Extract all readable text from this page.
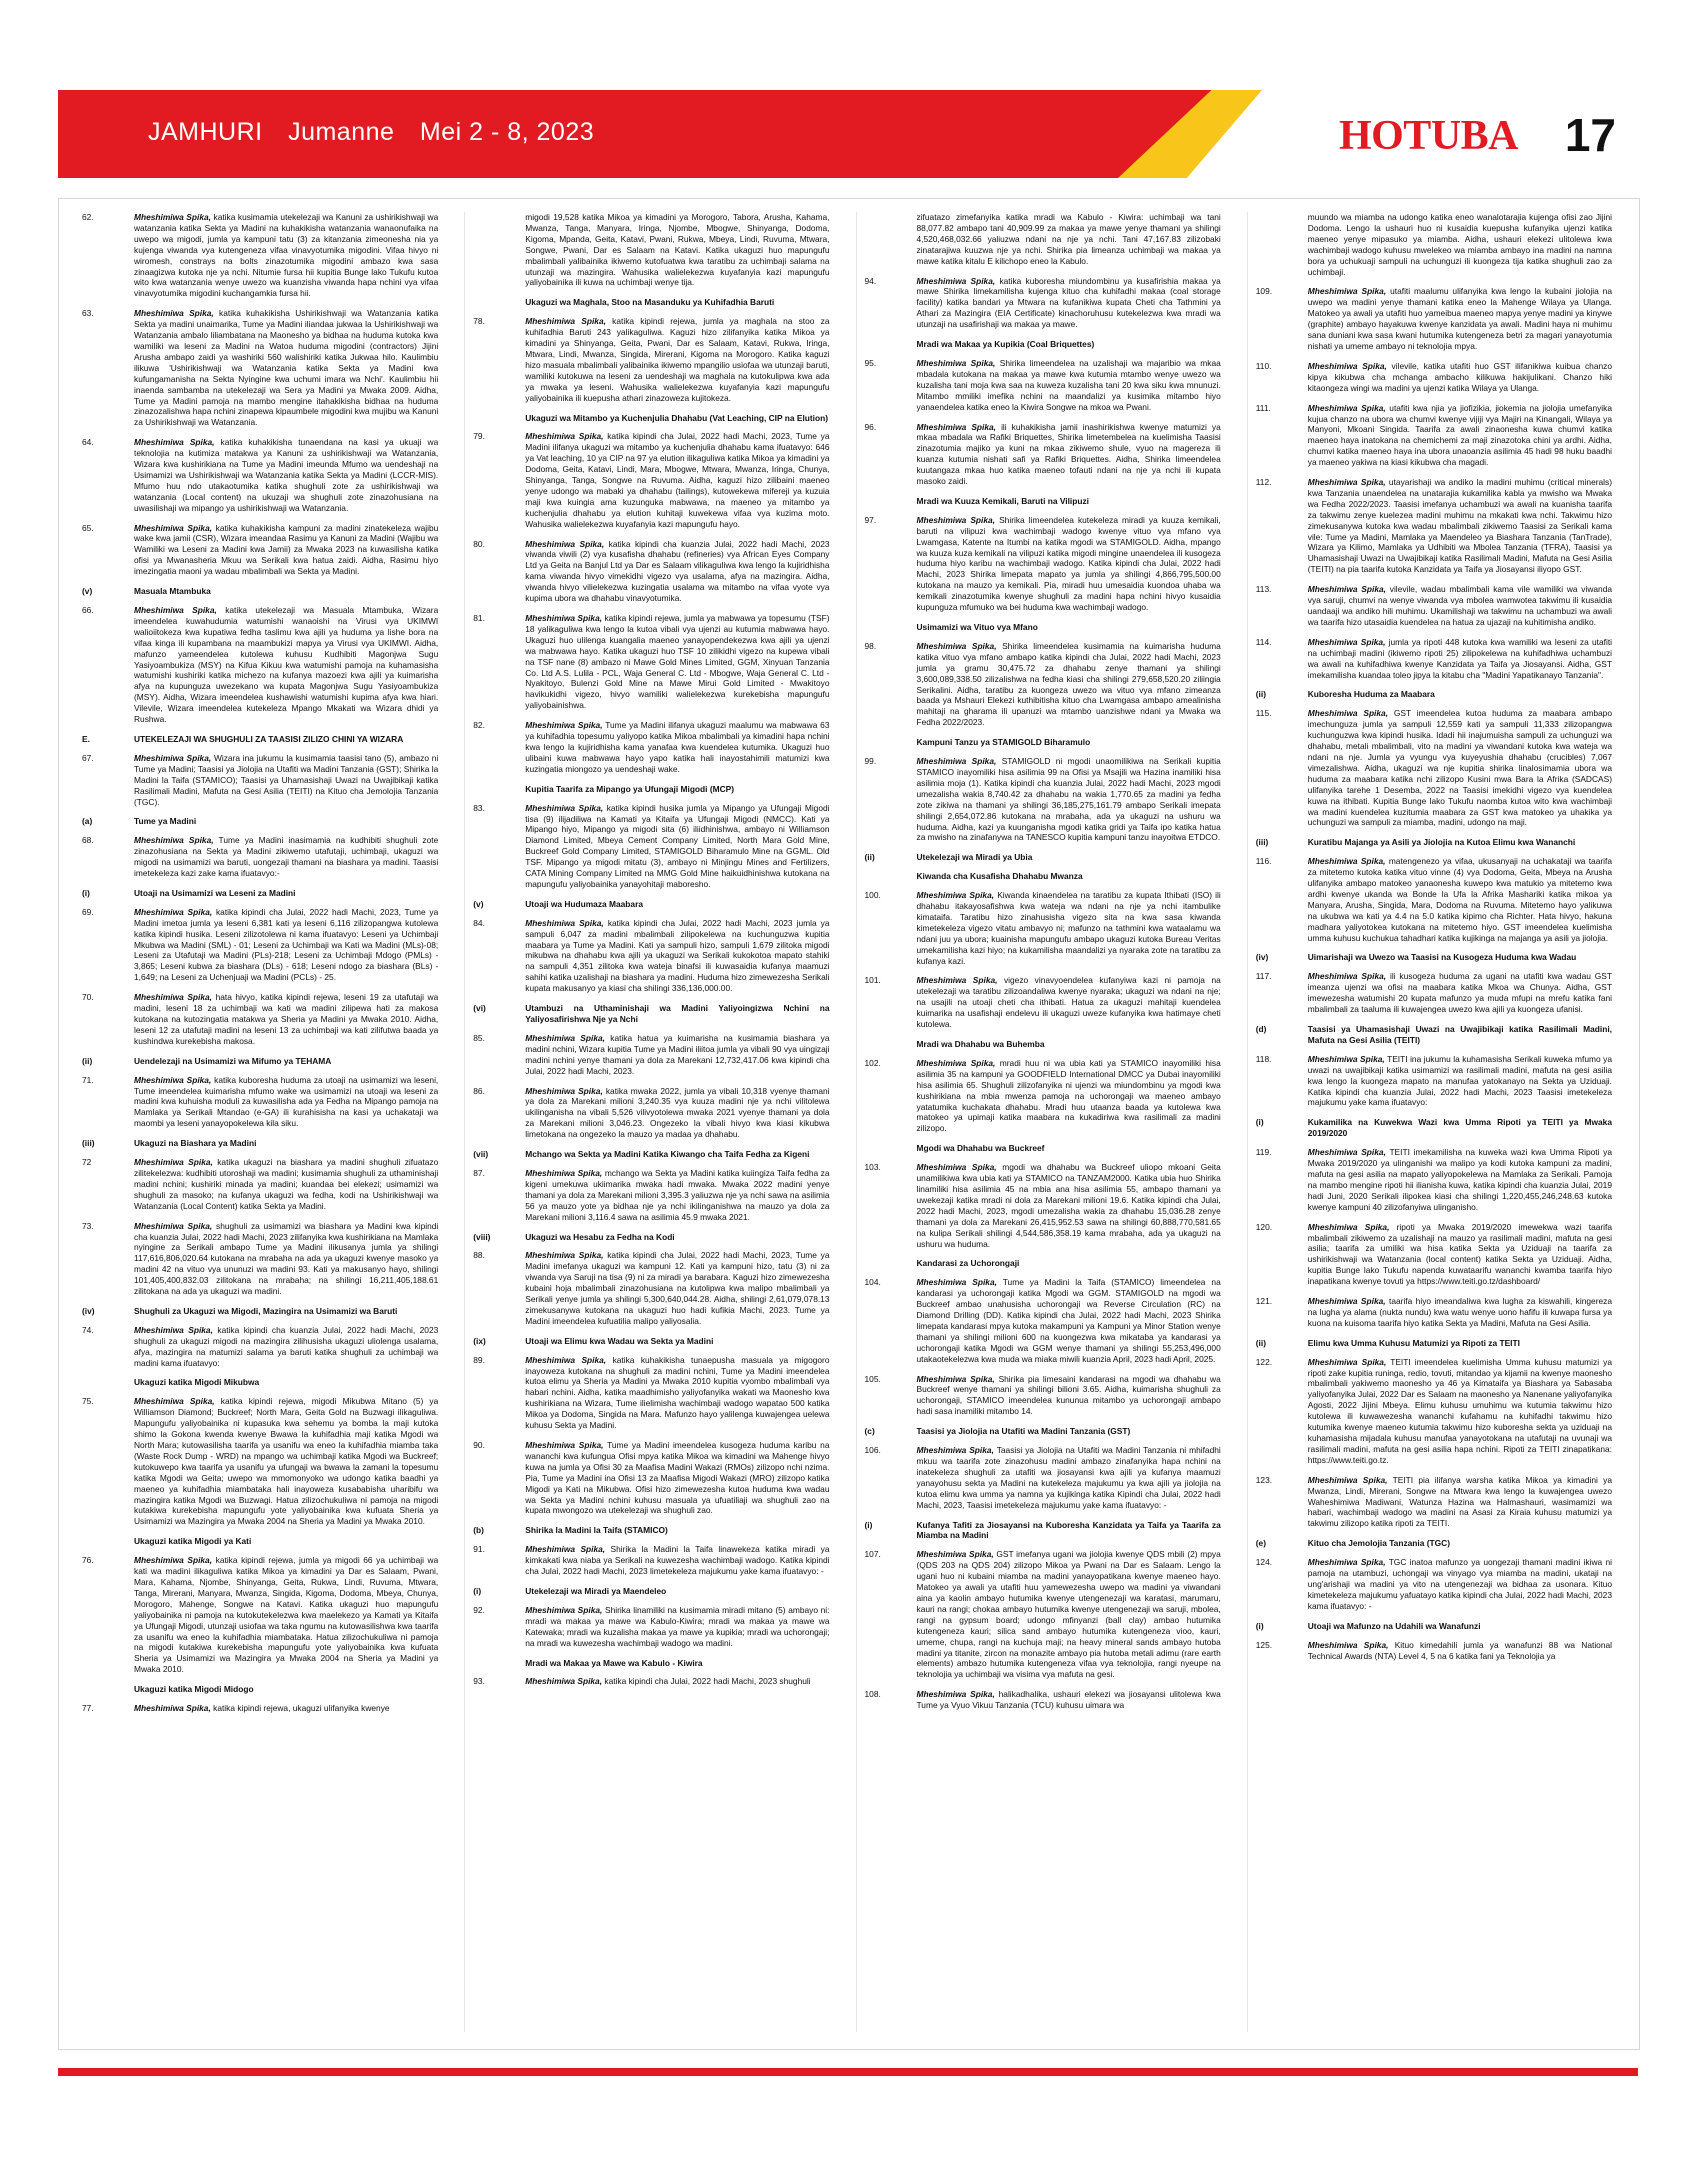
JAMHURI Jumanne Mei 2 - 8, 2023	HOTUBA 17
62.	Mheshimiwa Spika, katika kusimamia utekelezaji wa Kanuni za ushirikishwaji wa watanzania katika Sekta ya Madini na kuhakikisha watanzania wanaonufaika na uwepo wa migodi, jumla ya kampuni tatu (3) za kitanzania zimeonesha nia ya kujenga viwanda vya kutengeneza vifaa vinavyotumika migodini. Vifaa hivyo ni wiromesh, constrays na bolts zinazotumika migodini ambazo kwa sasa zinaagizwa kutoka nje ya nchi. Nitumie fursa hii kupitia Bunge lako Tukufu kutoa wito kwa watanzania wenye uwezo wa kuanzisha viwanda hapa nchini vya vifaa vinavyotumika migodini kuchangamkia fursa hii.
63.	Mheshimiwa Spika, katika kuhakikisha Ushirikishwaji wa Watanzania katika Sekta ya madini unaimarika, Tume ya Madini iliandaa jukwaa la Ushirikishwaji wa Watanzania ambalo liliambatana na Maonesho ya bidhaa na huduma kutoka kwa wamiliki wa leseni za Madini na Watoa huduma migodini (contractors) Jijini Arusha ambapo zaidi ya washiriki 560 walishiriki katika Jukwaa hilo. Kaulimbiu ilikuwa 'Ushirikishwaji wa Watanzania katika Sekta ya Madini kwa kufungamanisha na Sekta Nyingine kwa uchumi imara wa Nchi'. Kaulimbiu hii inaenda sambamba na utekelezaji wa Sera ya Madini ya Mwaka 2009. Aidha, Tume ya Madini pamoja na mambo mengine itahakikisha bidhaa na huduma zinazozalishwa hapa nchini zinapewa kipaumbele migodini kwa mujibu wa Kanuni za Ushirikishwaji wa Watanzania.
64.	Mheshimiwa Spika, katika kuhakikisha tunaendana na kasi ya ukuaji wa teknolojia na kutimiza matakwa ya Kanuni za ushirikishwaji wa Watanzania, Wizara kwa kushirikiana na Tume ya Madini imeunda Mfumo wa uendeshaji na Usimamizi wa Ushirikishwaji wa Watanzania katika Sekta ya Madini (LCCR-MIS). Mfumo huu ndo utakaotumika katika shughuli zote za ushirikishwaji wa watanzania (Local content) na ukuzaji wa shughuli zote zinazohusiana na uwasilishaji wa mipango ya ushirikishwaji wa Watanzania.
65.	Mheshimiwa Spika, katika kuhakikisha kampuni za madini zinatekeleza wajibu wake kwa jamii (CSR), Wizara imeandaa Rasimu ya Kanuni za Madini (Wajibu wa Wamiliki wa Leseni za Madini kwa Jamii) za Mwaka 2023 na kuwasilisha katika ofisi ya Mwanasheria Mkuu wa Serikali kwa hatua zaidi. Aidha, Rasimu hiyo imezingatia maoni ya wadau mbalimbali wa Sekta ya Madini.
(v)	Masuala Mtambuka
66.	Mheshimiwa Spika, katika utekelezaji wa Masuala Mtambuka, Wizara imeendelea kuwahudumia watumishi wanaoishi na Virusi vya UKIMWI walioiitokeza kwa kupatiwa fedha taslimu kwa ajili ya huduma ya lishe bora na vifaa kinga ili kupambana na maambukizi mapya ya Virusi vya UKIMWI. Aidha, mafunzo yameendelea kutolewa kuhusu Kudhibiti Magonjwa Sugu Yasiyoambukiza (MSY) na Kifua Kikuu kwa watumishi pamoja na kuhamasisha watumishi kushiriki katika michezo na kufanya mazoezi kwa ajili ya kuimarisha afya na kupunguza uwezekano wa kupata Magonjwa Sugu Yasiyoambukiza (MSY). Aidha, Wizara imeendelea kushawishi watumishi kupima afya kwa hiari. Vilevile, Wizara imeendelea kutekeleza Mpango Mkakati wa Wizara dhidi ya Rushwa.
E.	UTEKELEZAJI WA SHUGHULI ZA TAASISI ZILIZO CHINI YA WIZARA
67.	Mheshimiwa Spika, Wizara ina jukumu la kusimamia taasisi tano (5), ambazo ni Tume ya Madini; Taasisi ya Jiolojia na Utafiti wa Madini Tanzania (GST); Shirika la Madini la Taifa (STAMICO); Taasisi ya Uhamasishaji Uwazi na Uwajibikaji katika Rasilimali Madini, Mafuta na Gesi Asilia (TEITI) na Kituo cha Jemolojia Tanzania (TGC).
(a)	Tume ya Madini
68.	Mheshimiwa Spika, Tume ya Madini inasimamia na kudhibiti shughuli zote zinazohusiana na Sekta ya Madini zikiwemo utafutaji, uchimbaji, ukaguzi wa migodi na usimamizi wa baruti, uongezaji thamani na biashara ya madini. Taasisi imetekeleza kazi zake kama ifuatavyo:-
(i)	Utoaji na Usimamizi wa Leseni za Madini
69.	Mheshimiwa Spika, katika kipindi cha Julai, 2022 hadi Machi, 2023, Tume ya Madini imetoa jumla ya leseni 6,381 kati ya leseni 6,116 zilizopangwa kutolewa katika kipindi husika. Leseni zilizotolewa ni kama ifuatavyo: Leseni ya Uchimbaji Mkubwa wa Madini (SML) - 01; Leseni za Uchimbaji wa Kati wa Madini (MLs)-08; Leseni za Utafutaji wa Madini (PLs)-218; Leseni za Uchimbaji Mdogo (PMLs) - 3,865; Leseni kubwa za biashara (DLs) - 618; Leseni ndogo za biashara (BLs) - 1,649; na Leseni za Uchenjuaji wa Madini (PCLs) - 25.
70.	Mheshimiwa Spika, hata hivyo, katika kipindi rejewa, leseni 19 za utafutaji wa madini, leseni 18 za uchimbaji wa kati wa madini zilipewa hati za makosa kutokana na kutozingatia matakwa ya Sheria ya Madini ya Mwaka 2010. Aidha, leseni 12 za utafutaji madini na leseni 13 za uchimbaji wa kati zilifutwa baada ya kushindwa kurekebisha makosa.
(ii)	Uendelezaji na Usimamizi wa Mifumo ya TEHAMA
71.	Mheshimiwa Spika, katika kuboresha huduma za utoaji na usimamizi wa leseni, Tume imeendelea kuimarisha mfumo wake wa usimamizi na utoaji wa leseni za madini kwa kuhuisha moduli za kuwasilisha ada ya Fedha na Mipango pamoja na Mamlaka ya Serikali Mtandao (e-GA) ili kurahisisha na kasi ya uchakataji wa maombi ya leseni yanayopokelewa kila siku.
(iii)	Ukaguzi na Biashara ya Madini
72	Mheshimiwa Spika, katika ukaguzi na biashara ya madini shughuli zifuatazo zilitekelezwa: kudhibiti utoroshaji wa madini; kusimamia shughuli za uthaminishaji madini nchini; kushiriki minada ya madini; kuandaa bei elekezi; usimamizi wa shughuli za masoko; na kufanya ukaguzi wa fedha, kodi na Ushirikishwaji wa Watanzania (Local Content) katika Sekta ya Madini.
73.	Mheshimiwa Spika, shughuli za usimamizi wa biashara ya Madini kwa kipindi cha kuanzia Julai, 2022 hadi Machi, 2023 zilifanyika kwa kushirikiana na Mamlaka nyingine za Serikali ambapo Tume ya Madini ilikusanya jumla ya shilingi 117,616,806,020.64 kutokana na mrabaha na ada ya ukaguzi kwenye masoko ya madini 42 na vituo vya ununuzi wa madini 93. Kati ya makusanyo hayo, shilingi 101,405,400,832.03 zilitokana na mrabaha; na shilingi 16,211,405,188.61 zilitokana na ada ya ukaguzi wa madini.
(iv)	Shughuli za Ukaguzi wa Migodi, Mazingira na Usimamizi wa Baruti
74.	Mheshimiwa Spika, katika kipindi cha kuanzia Julai, 2022 hadi Machi, 2023 shughuli za ukaguzi migodi na mazingira zilihusisha ukaguzi uliolenga usalama, afya, mazingira na matumizi salama ya baruti katika shughuli za uchimbaji wa madini kama ifuatavyo:
Ukaguzi katika Migodi Mikubwa
75.	Mheshimiwa Spika, katika kipindi rejewa, migodi Mikubwa Mitano (5) ya Williamson Diamond; Buckreef; North Mara, Geita Gold na Buzwagi ilikaguliwa. Mapungufu yaliyobainika ni kupasuka kwa sehemu ya bomba la maji kutoka shimo la Gokona kwenda kwenye Bwawa la kuhifadhia maji katika Mgodi wa North Mara; kutowasilisha taarifa ya usanifu wa eneo la kuhifadhia miamba taka (Waste Rock Dump - WRD) na mpango wa uchimbaji katika Mgodi wa Buckreef; kutokuwepo kwa taarifa ya usanifu ya ufungaji wa bwawa la zamani la topesumu katika Mgodi wa Geita; uwepo wa mmomonyoko wa udongo katika baadhi ya maeneo ya kuhifadhia miambataka hali inayoweza kusababisha uharibifu wa mazingira katika Mgodi wa Buzwagi. Hatua zilizochukuliwa ni pamoja na migodi kutakiwa kurekebisha mapungufu yote yaliyobainika kwa kufuata Sheria ya Usimamizi wa Mazingira ya Mwaka 2004 na Sheria ya Madini ya Mwaka 2010.
Ukaguzi katika Migodi ya Kati
76.	Mheshimiwa Spika, katika kipindi rejewa, jumla ya migodi 66 ya uchimbaji wa kati wa madini ilikaguliwa katika Mikoa ya kimadini ya Dar es Salaam, Pwani, Mara, Kahama, Njombe, Shinyanga, Geita, Rukwa, Lindi, Ruvuma, Mtwara, Tanga, Mirerani, Manyara, Mwanza, Singida, Kigoma, Dodoma, Mbeya, Chunya, Morogoro, Mahenge, Songwe na Katavi. Katika ukaguzi huo mapungufu yaliyobainika ni pamoja na kutokutekelezwa kwa maelekezo ya Kamati ya Kitaifa ya Ufungaji Migodi, utunzaji usiofaa wa taka ngumu na kutowasilishwa kwa taarifa za usanifu wa eneo la kuhifadhia miambataka. Hatua zilizochukuliwa ni pamoja na migodi kutakiwa kurekebisha mapungufu yote yaliyobainika kwa kufuata Sheria ya Usimamizi wa Mazingira ya Mwaka 2004 na Sheria ya Madini ya Mwaka 2010.
Ukaguzi katika Migodi Midogo
77.	Mheshimiwa Spika, katika kipindi rejewa, ukaguzi ulifanyika kwenye
migodi 19,528 katika Mikoa ya kimadini ya Morogoro, Tabora, Arusha, Kahama, Mwanza, Tanga, Manyara, Iringa, Njombe, Mbogwe, Shinyanga, Dodoma, Kigoma, Mpanda, Geita, Katavi, Pwani, Rukwa, Mbeya, Lindi, Ruvuma, Mtwara, Songwe, Pwani, Dar es Salaam na Katavi. Katika ukaguzi huo mapungufu mbalimbali yalibainika ikiwemo kutofuatwa kwa taratibu za uchimbaji salama na utunzaji wa mazingira. Wahusika walielekezwa kuyafanyia kazi mapungufu yaliyobainika ili kuwa na uchimbaji wenye tija.
Ukaguzi wa Maghala, Stoo na Masanduku ya Kuhifadhia Baruti
78.	Mheshimiwa Spika, katika kipindi rejewa, jumla ya maghala na stoo za kuhifadhia Baruti 243 yalikaguliwa. Kaguzi hizo zilifanyika katika Mikoa ya kimadini ya Shinyanga, Geita, Pwani, Dar es Salaam, Katavi, Rukwa, Iringa, Mtwara, Lindi, Mwanza, Singida, Mirerani, Kigoma na Morogoro. Katika kaguzi hizo masuala mbalimbali yalibainika ikiwemo mpangilio usiofaa wa utunzaji baruti, wamiliki kutokuwa na leseni za uendeshaji wa maghala na kutokulipwa kwa ada ya mwaka ya leseni. Wahusika walielekezwa kuyafanyia kazi mapungufu yaliyobainika ili kuepusha athari zinazoweza kujitokeza.
Ukaguzi wa Mitambo ya Kuchenjulia Dhahabu (Vat Leaching, CIP na Elution)
79.	Mheshimiwa Spika, katika kipindi cha Julai, 2022 hadi Machi, 2023, Tume ya Madini ilifanya ukaguzi wa mitambo ya kuchenjulia dhahabu kama ifuatavyo: 646 ya Vat leaching, 10 ya CIP na 97 ya elution ilikaguliwa katika Mikoa ya kimadini ya Dodoma, Geita, Katavi, Lindi, Mara, Mbogwe, Mtwara, Mwanza, Iringa, Chunya, Shinyanga, Tanga, Songwe na Ruvuma. Aidha, kaguzi hizo zilibaini maeneo yenye udongo wa mabaki ya dhahabu (tailings), kutowekewa mifereji ya kuzuia maji kwa kuingia ama kuzunguka mabwawa, na maeneo ya mitambo ya kuchenjulia dhahabu ya elution kuhitaji kuwekewa vifaa vya kuzima moto. Wahusika walielekezwa kuyafanyia kazi mapungufu hayo.
80.	Mheshimiwa Spika, katika kipindi cha kuanzia Julai, 2022 hadi Machi, 2023 viwanda viwili (2) vya kusafisha dhahabu (refineries) vya African Eyes Company Ltd ya Geita na Banjul Ltd ya Dar es Salaam vilikaguliwa kwa lengo la kujiridhisha kama viwanda hivyo vimekidhi vigezo vya usalama, afya na mazingira. Aidha, viwanda hivyo vilielekezwa kuzingatia usalama wa mitambo na vifaa vyote vya kupima ubora wa dhahabu vinavyotumika.
81.	Mheshimiwa Spika, katika kipindi rejewa, jumla ya mabwawa ya topesumu (TSF) 18 yalikaguliwa kwa lengo la kutoa vibali vya ujenzi au kutumia mabwawa hayo. Ukaguzi huo ulilenga kuangalia maeneo yanayopendekezwa kwa ajili ya ujenzi wa mabwawa hayo. Katika ukaguzi huo TSF 10 zilikidhi vigezo na kupewa vibali na TSF nane (8) ambazo ni Mawe Gold Mines Limited, GGM, Xinyuan Tanzania Co. Ltd A.S. Lulila - PCL, Waja General C. Ltd - Mbogwe, Waja General C. Ltd - Nyakitoyo, Bulenzi Gold Mine na Mawe Mirui Gold Limited - Mwakitoyo havikukidhi vigezo, hivyo wamiliki walielekezwa kurekebisha mapungufu yaliyobainishwa.
82.	Mheshimiwa Spika, Tume ya Madini ilifanya ukaguzi maalumu wa mabwawa 63 ya kuhifadhia topesumu yaliyopo katika Mikoa mbalimbali ya kimadini hapa nchini kwa lengo la kujiridhisha kama yanafaa kwa kuendelea kutumika. Ukaguzi huo ulibaini kuwa mabwawa hayo yapo katika hali inayostahimili matumizi kwa kuzingatia miongozo ya uendeshaji wake.
Kupitia Taarifa za Mipango ya Ufungaji Migodi (MCP)
83.	Mheshimiwa Spika, katika kipindi husika jumla ya Mipango ya Ufungaji Migodi tisa (9) ilijadiliwa na Kamati ya Kitaifa ya Ufungaji Migodi (NMCC). Kati ya Mipango hiyo, Mipango ya migodi sita (6) iliidhinishwa, ambayo ni Williamson Diamond Limited, Mbeya Cement Company Limited, North Mara Gold Mine, Buckreef Gold Company Limited, STAMIGOLD Biharamulo Mine na GGML. Old TSF. Mipango ya migodi mitatu (3), ambayo ni Minjingu Mines and Fertilizers, CATA Mining Company Limited na MMG Gold Mine haikuidhinishwa kutokana na mapungufu yaliyobainika yanayohitaji maboresho.
(v)	Utoaji wa Hudumaza Maabara
84.	Mheshimiwa Spika, katika kipindi cha Julai, 2022 hadi Machi, 2023 jumla ya sampuli 6,047 za madini mbalimbali zilipokelewa na kuchunguzwa kupitia maabara ya Tume ya Madini. Kati ya sampuli hizo, sampuli 1,679 zilitoka migodi mikubwa na dhahabu kwa ajili ya ukaguzi wa Serikali kukokotoa mapato stahiki na sampuli 4,351 zilitoka kwa wateja binafsi ili kuwasaidia kufanya maamuzi sahihi katika uzalishaji na biashara ya madini. Huduma hizo zimewezesha Serikali kupata makusanyo ya kiasi cha shilingi 336,136,000.00.
(vi)	Utambuzi na Uthaminishaji wa Madini Yaliyoingizwa Nchini na Yaliyosafirishwa Nje ya Nchi
85.	Mheshimiwa Spika, katika hatua ya kuimarisha na kusimamia biashara ya madini nchini, Wizara kupitia Tume ya Madini iliitoa jumla ya vibali 90 vya uingizaji madini nchini yenye thamani ya dola za Marekani 12,732,417.06 kwa kipindi cha Julai, 2022 hadi Machi, 2023.
86.	Mheshimiwa Spika, katika mwaka 2022, jumla ya vibali 10,318 vyenye thamani ya dola za Marekani milioni 3,240.35 vya kuuza madini nje ya nchi vilitolewa ukilinganisha na vibali 5,526 vilivyotolewa mwaka 2021 vyenye thamani ya dola za Marekani milioni 3,046.23. Ongezeko la vibali hivyo kwa kiasi kikubwa limetokana na ongezeko la mauzo ya madaa ya dhahabu.
(vii)	Mchango wa Sekta ya Madini Katika Kiwango cha Taifa Fedha za Kigeni
87.	Mheshimiwa Spika, mchango wa Sekta ya Madini katika kuiingiza Taifa fedha za kigeni umekuwa ukiimarika mwaka hadi mwaka. Mwaka 2022 madini yenye thamani ya dola za Marekani milioni 3,395.3 yaliuzwa nje ya nchi sawa na asilimia 56 ya mauzo yote ya bidhaa nje ya nchi ikilinganishwa na mauzo ya dola za Marekani milioni 3,116.4 sawa na asilimia 45.9 mwaka 2021.
(viii)	Ukaguzi wa Hesabu za Fedha na Kodi
88.	Mheshimiwa Spika, katika kipindi cha Julai, 2022 hadi Machi, 2023, Tume ya Madini imefanya ukaguzi wa kampuni 12. Kati ya kampuni hizo, tatu (3) ni za viwanda vya Saruji na tisa (9) ni za miradi ya barabara. Kaguzi hizo zimewezesha kubaini hoja mbalimbali zinazohusiana na kutolipwa kwa malipo mbalimbali ya Serikali yenye jumla ya shilingi 5,300,640,044.28. Aidha, shilingi 2,61,079,078.13 zimekusanywa kutokana na ukaguzi huo hadi kufikia Machi, 2023. Tume ya Madini imeendelea kufuatilia malipo yaliyosalia.
(ix)	Utoaji wa Elimu kwa Wadau wa Sekta ya Madini
89.	Mheshimiwa Spika, katika kuhakikisha tunaepusha masuala ya migogoro inayoweza kutokana na shughuli za madini nchini, Tume ya Madini imeendelea kutoa elimu ya Sheria ya Madini ya Mwaka 2010 kupitia vyombo mbalimbali vya habari nchini. Aidha, katika maadhimisho yaliyofanyika wakati wa Maonesho kwa kushirikiana na Wizara, Tume ilielimisha wachimbaji wadogo wapatao 500 katika Mikoa ya Dodoma, Singida na Mara. Mafunzo hayo yalilenga kuwajengea uelewa kuhusu Sekta ya Madini.
90.	Mheshimiwa Spika, Tume ya Madini imeendelea kusogeza huduma karibu na wananchi kwa kufungua Ofisi mpya katika Mikoa wa kimadini wa Mahenge hivyo kuwa na jumla ya Ofisi 30 za Maafisa Madini Wakazi (RMOs) zilizopo nchi nzima. Pia, Tume ya Madini ina Ofisi 13 za Maafisa Migodi Wakazi (MRO) zilizopo katika Migodi ya Kati na Mikubwa. Ofisi hizo zimewezesha kutoa huduma kwa wadau wa Sekta ya Madini nchini kuhusu masuala ya ufuatiliaji wa shughuli zao na kupata mwongozo wa utekelezaji wa shughuli zao.
(b)	Shirika la Madini la Taifa (STAMICO)
91.	Mheshimiwa Spika, Shirika la Madini la Taifa linawekeza katika miradi ya kimkakati kwa niaba ya Serikali na kuwezesha wachimbaji wadogo. Katika kipindi cha Julai, 2022 hadi Machi, 2023 limetekeleza majukumu yake kama ifuatavyo: -
(i)	Utekelezaji wa Miradi ya Maendeleo
92.	Mheshimiwa Spika, Shirika linamiliki na kusimamia miradi mitano (5) ambayo ni: mradi wa makaa ya mawe wa Kabulo-Kiwira; mradi wa makaa ya mawe wa Katewaka; mradi wa kuzalisha makaa ya mawe ya kupikia; mradi wa uchorongaji; na mradi wa kuwezesha wachimbaji wadogo wa madini.
Mradi wa Makaa ya Mawe wa Kabulo - Kiwira
93.	Mheshimiwa Spika, katika kipindi cha Julai, 2022 hadi Machi, 2023 shughuli
zifuatazo zimefanyika katika mradi wa Kabulo - Kiwira: uchimbaji wa tani 88,077.82 ambapo tani 40,909.99 za makaa ya mawe yenye thamani ya shilingi 4,520,468,032.66 yaliuzwa ndani na nje ya nchi. Tani 47,167.83 zilizobaki zinatarajiwa kuuzwa nje ya nchi. Shirika pia limeanza uchimbaji wa makaa ya mawe katika kitalu E kilichopo eneo la Kabulo.
94.	Mheshimiwa Spika, katika kuboresha miundombinu ya kusafirishia makaa ya mawe Shirika limekamilisha kujenga kituo cha kuhifadhi makaa (coal storage facility) katika bandari ya Mtwara na kufanikiwa kupata Cheti cha Tathmini ya Athari za Mazingira (EIA Certificate) kinachoruhusu kutekelezwa kwa mradi wa utunzaji na usafirishaji wa makaa ya mawe.
Mradi wa Makaa ya Kupikia (Coal Briquettes)
95.	Mheshimiwa Spika, Shirika limeendelea na uzalishaji wa majaribio wa mkaa mbadala kutokana na makaa ya mawe kwa kutumia mtambo wenye uwezo wa kuzalisha tani moja kwa saa na kuweza kuzalisha tani 20 kwa siku kwa mnunuzi. Mitambo mmiliki imefika nchini na maandalizi ya kusimika mitambo hiyo yanaendelea katika eneo la Kiwira Songwe na mkoa wa Pwani.
96.	Mheshimiwa Spika, ili kuhakikisha jamii inashirikishwa kwenye matumizi ya mkaa mbadala wa Rafiki Briquettes, Shirika limetembelea na kuelimisha Taasisi zinazotumia majiko ya kuni na mkaa zikiwemo shule, vyuo na magereza ili kuanza kutumia nishati safi ya Rafiki Briquettes. Aidha, Shirika limeendelea kuutangaza mkaa huo katika maeneo tofauti ndani na nje ya nchi ili kupata masoko zaidi.
Mradi wa Kuuza Kemikali, Baruti na Vilipuzi
97.	Mheshimiwa Spika, Shirika limeendelea kutekeleza miradi ya kuuza kemikali, baruti na vilipuzi kwa wachimbaji wadogo kwenye vituo vya mfano vya Lwamgasa, Katente na Itumbi na katika mgodi wa STAMIGOLD. Aidha, mpango wa kuuza kuza kemikali na vilipuzi katika migodi mingine unaendelea ili kusogeza huduma hiyo karibu na wachimbaji wadogo. Katika kipindi cha Julai, 2022 hadi Machi, 2023 Shirika limepata mapato ya jumla ya shilingi 4,866,795,500.00 kutokana na mauzo ya kemikali. Pia, miradi huu umesaidia kuondoa uhaba wa kemikali zinazotumika kwenye shughuli za madini hapa nchini hivyo kusaidia kupunguza mfumuko wa bei huduma kwa wachimbaji wadogo.
Usimamizi wa Vituo vya Mfano
98.	Mheshimiwa Spika, Shirika limeendelea kusimamia na kuimarisha huduma katika vituo vya mfano ambapo katika kipindi cha Julai, 2022 hadi Machi, 2023 jumla ya gramu 30,475.72 za dhahabu zenye thamani ya shilingi 3,600,089,338.50 zilizalishwa na fedha kiasi cha shilingi 279,658,520.20 ziliingia Serikalini. Aidha, taratibu za kuongeza uwezo wa vituo vya mfano zimeanza baada ya Mshauri Elekezi kuthibitisha kituo cha Lwamgasa ambapo amealinisha mahitaji na gharama ili upanuzi wa mtambo uanzishwe ndani ya Mwaka wa Fedha 2022/2023.
Kampuni Tanzu ya STAMIGOLD Biharamulo
99.	Mheshimiwa Spika, STAMIGOLD ni mgodi unaomilikiwa na Serikali kupitia STAMICO inayomiliki hisa asilimia 99 na Ofisi ya Msajili wa Hazina inamiliki hisa asilimia moja (1). Katika kipindi cha kuanzia Julai, 2022 hadi Machi, 2023 mgodi umezalisha wakia 8,740.42 za dhahabu na wakia 1,770.65 za madini ya fedha zote zikiwa na thamani ya shilingi 36,185,275,161.79 ambapo Serikali imepata shilingi 2,654,072.86 kutokana na mrabaha, ada ya ukaguzi na ushuru wa huduma. Aidha, kazi ya kuunganisha mgodi katika gridi ya Taifa ipo katika hatua za mwisho na zinafanywa na TANESCO kupitia kampuni tanzu inayoitwa ETDCO.
(ii)	Utekelezaji wa Miradi ya Ubia
Kiwanda cha Kusafisha Dhahabu Mwanza
100.	Mheshimiwa Spika, Kiwanda kinaendelea na taratibu za kupata Ithibati (ISO) ili dhahabu itakayosafishwa kwa wateja wa ndani na nje ya nchi itambulike kimataifa. Taratibu hizo zinahusisha vigezo sita na kwa sasa kiwanda kimetekeleza vigezo vitatu ambavyo ni; mafunzo na tathmini kwa wataalamu wa ndani juu ya ubora; kuainisha mapungufu ambapo ukaguzi kutoka Bureau Veritas umekamilisha kazi hiyo; na kukamilisha maandalizi ya nyaraka zote na taratibu za kufanya kazi.
101.	Mheshimiwa Spika, vigezo vinavyoendelea kufanyiwa kazi ni pamoja na utekelezaji wa taratibu zilizoandaliwa kwenye nyaraka; ukaguzi wa ndani na nje; na usajili na utoaji cheti cha ithibati. Hatua za ukaguzi mahitaji kuendelea kuimarika na usafishaji endelevu ili ukaguzi uweze kufanyika kwa hatimaye cheti kutolewa.
Mradi wa Dhahabu wa Buhemba
102.	Mheshimiwa Spika, mradi huu ni wa ubia kati ya STAMICO inayomiliki hisa asilimia 35 na kampuni ya GOODFIELD International DMCC ya Dubai inayomiliki hisa asilimia 65. Shughuli zilizofanyika ni ujenzi wa miundombinu ya mgodi kwa kushirikiana na mbia mwenza pamoja na uchorongaji wa maeneo ambayo yatatumika kuchakata dhahabu. Mradi huu utaanza baada ya kutolewa kwa matokeo ya upimaji katika maabara na kukadiriwa kwa rasilimali za madini zilizopo.
Mgodi wa Dhahabu wa Buckreef
103.	Mheshimiwa Spika, mgodi wa dhahabu wa Buckreef uliopo mkoani Geita unamilikiwa kwa ubia kati ya STAMICO na TANZAM2000. Katika ubia huo Shirika linamiliki hisa asilimia 45 na mbia ana hisa asilimia 55, ambapo thamani ya uwekezaji katika mradi ni dola za Marekani milioni 19.6. Katika kipindi cha Julai, 2022 hadi Machi, 2023, mgodi umezalisha wakia za dhahabu 15,036.28 zenye thamani ya dola za Marekani 26,415,952.53 sawa na shilingi 60,888,770,581.65 na kulipa Serikali shilingi 4,544,586,358.19 kama mrabaha, ada ya ukaguzi na ushuru wa huduma.
Kandarasi za Uchorongaji
104.	Mheshimiwa Spika, Tume ya Madini la Taifa (STAMICO) limeendelea na kandarasi ya uchorongaji katika Mgodi wa GGM. STAMIGOLD na mgodi wa Buckreef ambao unahusisha uchorongaji wa Reverse Circulation (RC) na Diamond Drilling (DD). Katika kipindi cha Julai, 2022 hadi Machi, 2023 Shirika limepata kandarasi mpya kutoka makampuni ya Kampuni ya Minor Station wenye thamani ya shilingi milioni 600 na kuongezwa kwa mikataba ya kandarasi ya uchorongaji katika Mgodi wa GGM wenye thamani ya shilingi 55,253,496,000 utakaotekelezwa kwa muda wa miaka miwili kuanzia April, 2023 hadi April, 2025.
105.	Mheshimiwa Spika, Shirika pia limesaini kandarasi na mgodi wa dhahabu wa Buckreef wenye thamani ya shilingi bilioni 3.65. Aidha, kuimarisha shughuli za uchorongaji, STAMICO imeendelea kununua mitambo ya uchorongaji ambapo hadi sasa inamiliki mitambo 14.
(c)	Taasisi ya Jiolojia na Utafiti wa Madini Tanzania (GST)
106.	Mheshimiwa Spika, Taasisi ya Jiolojia na Utafiti wa Madini Tanzania ni mhifadhi mkuu wa taarifa zote zinazohusu madini ambazo zinafanyika hapa nchini na inatekeleza shughuli za utafiti wa jiosayansi kwa ajili ya kufanya maamuzi yanayohusu sekta ya Madini na kutekeleza majukumu ya kwa ajili ya jiolojia na kutoa elimu kwa umma ya namna ya kujikinga katika Kipindi cha Julai, 2022 hadi Machi, 2023, Taasisi imetekeleza majukumu yake kama ifuatavyo: -
(i)	Kufanya Tafiti za Jiosayansi na Kuboresha Kanzidata ya Taifa ya Taarifa za Miamba na Madini
107.	Mheshimiwa Spika, GST imefanya ugani wa jiolojia kwenye QDS mbili (2) mpya (QDS 203 na QDS 204) zilizopo Mikoa ya Pwani na Dar es Salaam. Lengo la ugani huo ni kubaini miamba na madini yanayopatikana kwenye maeneo hayo. Matokeo ya awali ya utafiti huu yamewezesha uwepo wa madini ya viwandani aina ya kaolin ambayo hutumika kwenye utengenezaji wa karatasi, marumaru, kauri na rangi; chokaa ambayo hutumika kwenye utengenezaji wa saruji, mbolea, rangi na gypsum board; udongo mfinyanzi (ball clay) ambao hutumika kutengeneza kauri; silica sand ambayo hutumika kutengeneza vioo, kauri, umeme, chupa, rangi na kuchuja maji; na heavy mineral sands ambayo hutoba madini ya titanite, zircon na monazite ambayo pia hutoba metali adimu (rare earth elements) ambazo hutumika kutengeneza vifaa vya teknolojia, rangi nyeupe na teknolojia ya uchimbaji wa visima vya mafuta na gesi.
108.	Mheshimiwa Spika, halikadhalika, ushauri elekezi wa jiosayansi ulitolewa kwa Tume ya Vyuo Vikuu Tanzania (TCU) kuhusu uimara wa
muundo wa miamba na udongo katika eneo wanalotarajia kujenga ofisi zao Jijini Dodoma. Lengo la ushauri huo ni kusaidia kuepusha kufanyika ujenzi katika maeneo yenye mipasuko ya miamba. Aidha, ushauri elekezi ulitolewa kwa wachimbaji wadogo kuhusu mwelekeo wa miamba ambayo ina madini na namna bora ya uchukuaji sampuli na uchunguzi ili kuongeza tija katika shughuli zao za uchimbaji.
109.	Mheshimiwa Spika, utafiti maalumu ulifanyika kwa lengo la kubaini jiolojia na uwepo wa madini yenye thamani katika eneo la Mahenge Wilaya ya Ulanga. Matokeo ya awali ya utafiti huo yameibua maeneo mapya yenye madini ya kinywe (graphite) ambayo hayakuwa kwenye kanzidata ya awali. Madini haya ni muhimu sana duniani kwa sasa kwani hutumika kutengeneza betri za magari yanayotumia nishati ya umeme ambayo ni teknolojia mpya.
110.	Mheshimiwa Spika, vilevile, katika utafiti huo GST ilifanikiwa kuibua chanzo kipya kikubwa cha mchanga ambacho kilikuwa hakijulikani. Chanzo hiki kitaongeza wingi wa madini ya ujenzi katika Wilaya ya Ulanga.
111.	Mheshimiwa Spika, utafiti kwa njia ya jiofizikia, jiokemia na jiolojia umefanyika kujua chanzo na ubora wa chumvi kwenye vijiji vya Majiri na Kinangali, Wilaya ya Manyoni, Mkoani Singida. Taarifa za awali zinaonesha kuwa chumvi katika maeneo haya inatokana na chemichemi za maji zinazotoka chini ya ardhi. Aidha, chumvi katika maeneo haya ina ubora unaoanzia asilimia 45 hadi 98 huku baadhi ya maeneo yakiwa na kiasi kikubwa cha magadi.
112.	Mheshimiwa Spika, utayarishaji wa andiko la madini muhimu (critical minerals) kwa Tanzania unaendelea na unatarajia kukamilika kabla ya mwisho wa Mwaka wa Fedha 2022/2023. Taasisi imefanya uchambuzi wa awali na kuanisha taarifa za takwimu zenye kuelezea madini muhimu na mkakati kwa nchi. Takwimu hizo zimekusanywa kutoka kwa wadau mbalimbali zikiwemo Taasisi za Serikali kama vile: Tume ya Madini, Mamlaka ya Maendeleo ya Biashara Tanzania (TanTrade), Wizara ya Kilimo, Mamlaka ya Udhibiti wa Mbolea Tanzania (TFRA), Taasisi ya Uhamasishaji Uwazi na Uwajibikaji katika Rasilimali Madini, Mafuta na Gesi Asilia (TEITI) na pia taarifa kutoka Kanzidata ya Taifa ya Jiosayansi iliyopo GST.
113.	Mheshimiwa Spika, vilevile, wadau mbalimbali kama vile wamiliki wa viwanda vya saruji, chumvi na wenye viwanda vya mbolea wamwotea takwimu ili kusaidia uandaaji wa andiko hili muhimu. Ukamilishaji wa takwimu na uchambuzi wa awali wa taarifa hizo utasaidia kuendelea na hatua za ujazaji na kuhitimisha andiko.
114.	Mheshimiwa Spika, jumla ya ripoti 448 kutoka kwa wamiliki wa leseni za utafiti na uchimbaji madini (ikiwemo ripoti 25) zilipokelewa na kuhifadhiwa uchambuzi wa awali na kuhifadhiwa kwenye Kanzidata ya Taifa ya Jiosayansi. Aidha, GST imekamilisha kuandaa toleo jipya la kitabu cha "Madini Yapatikanayo Tanzania".
(ii)	Kuboresha Huduma za Maabara
115.	Mheshimiwa Spika, GST imeendelea kutoa huduma za maabara ambapo imechunguza jumla ya sampuli 12,559 kati ya sampuli 11,333 zilizopangwa kuchunguzwa kwa kipindi husika. Idadi hii inajumuisha sampuli za uchunguzi wa dhahabu, metali mbalimbali, vito na madini ya viwandani kutoka kwa wateja wa ndani na nje. Jumla ya vyungu vya kuyeyushia dhahabu (crucibles) 7,067 vimezalishwa. Aidha, ukaguzi wa nje kupitia shirika linalosimamia ubora wa huduma za maabara katika nchi zilizopo Kusini mwa Bara la Afrika (SADCAS) ulifanyika tarehe 1 Desemba, 2022 na Taasisi imekidhi vigezo vya kuendelea kuwa na ithibati. Kupitia Bunge lako Tukufu naomba kutoa wito kwa wachimbaji wa madini kuendelea kuzitumia maabara za GST kwa matokeo ya uhakika ya uchunguzi wa sampuli za miamba, madini, udongo na maji.
(iii)	Kuratibu Majanga ya Asili ya Jiolojia na Kutoa Elimu kwa Wananchi
116.	Mheshimiwa Spika, matengenezo ya vifaa, ukusanyaji na uchakataji wa taarifa za mitetemo kutoka katika vituo vinne (4) vya Dodoma, Geita, Mbeya na Arusha ulifanyika ambapo matokeo yanaonesha kuwepo kwa matukio ya mitetemo kwa ardhi kwenye ukanda wa Bonde la Ufa la Afrika Mashariki katika mikoa ya Manyara, Arusha, Singida, Mara, Dodoma na Ruvuma. Mitetemo hayo yalikuwa na ukubwa wa kati ya 4.4 na 5.0 katika kipimo cha Richter. Hata hivyo, hakuna madhara yaliyotokea kutokana na mitetemo hiyo. GST imeendelea kuelimisha umma kuhusu kuchukua tahadhari katika kujikinga na majanga ya asili ya jiolojia.
(iv)	Uimarishaji wa Uwezo wa Taasisi na Kusogeza Huduma kwa Wadau
117.	Mheshimiwa Spika, ili kusogeza huduma za ugani na utafiti kwa wadau GST imeanza ujenzi wa ofisi na maabara katika Mkoa wa Chunya. Aidha, GST imewezesha watumishi 20 kupata mafunzo ya muda mfupi na mrefu katika fani mbalimbali za taaluma ili kuwajengea uwezo kwa ajili ya kuongeza ufanisi.
(d)	Taasisi ya Uhamasishaji Uwazi na Uwajibikaji katika Rasilimali Madini, Mafuta na Gesi Asilia (TEITI)
118.	Mheshimiwa Spika, TEITI ina jukumu la kuhamasisha Serikali kuweka mfumo ya uwazi na uwajibikaji katika usimamizi wa rasilimali madini, mafuta na gesi asilia kwa lengo la kuongeza mapato na manufaa yatokanayo na Sekta ya Uziduaji. Katika kipindi cha kuanzia Julai, 2022 hadi Machi, 2023 Taasisi imetekeleza majukumu yake kama ifuatavyo:
(i)	Kukamilika na Kuwekwa Wazi kwa Umma Ripoti ya TEITI ya Mwaka 2019/2020
119.	Mheshimiwa Spika, TEITI imekamilisha na kuweka wazi kwa Umma Ripoti ya Mwaka 2019/2020 ya ulinganishi wa malipo ya kodi kutoka kampuni za madini, mafuta na gesi asilia na mapato yaliyopokelewa na Mamlaka za Serikali. Pamoja na mambo mengine ripoti hii ilianisha kuwa, katika kipindi cha kuanzia Julai, 2019 hadi Juni, 2020 Serikali ilipokea kiasi cha shilingi 1,220,455,246,248.63 kutoka kwenye kampuni 40 zilizofanyiwa ulinganisho.
120.	Mheshimiwa Spika, ripoti ya Mwaka 2019/2020 imewekwa wazi taarifa mbalimbali zikiwemo za uzalishaji na mauzo ya rasilimali madini, mafuta na gesi asilia; taarifa za umiliki wa hisa katika Sekta ya Uziduaji na taarifa za ushirikishwaji wa Watanzania (local content) katika Sekta ya Uziduaji. Aidha, kupitia Bunge lako Tukufu napenda kuwataarifu wananchi kwamba taarifa hiyo inapatikana kwenye tovuti ya https://www.teiti.go.tz/dashboard/
121.	Mheshimiwa Spika, taarifa hiyo imeandaliwa kwa lugha za kiswahili, kingereza na lugha ya alama (nukta nundu) kwa watu wenye uono hafifu ili kuwapa fursa ya kuona na kuisoma taarifa hiyo katika Sekta ya Madini, Mafuta na Gesi Asilia.
(ii)	Elimu kwa Umma Kuhusu Matumizi ya Ripoti za TEITI
122.	Mheshimiwa Spika, TEITI imeendelea kuelimisha Umma kuhusu matumizi ya ripoti zake kupitia runinga, redio, tovuti, mitandao ya kijamii na kwenye maonesho mbalimbali yakiwemo maonesho ya 46 ya Kimataifa ya Biashara ya Sabasaba yaliyofanyika Julai, 2022 Dar es Salaam na maonesho ya Nanenane yaliyofanyika Agosti, 2022 Jijini Mbeya. Elimu kuhusu umuhimu wa kutumia takwimu hizo kutolewa ili kuwawezesha wananchi kufahamu na kuhifadhi takwimu hizo kutumika kwenye maeneo kutumia takwimu hizo kuboresha sekta ya uziduaji na kuhamasisha mijadala kuhusu manufaa yanayotokana na utafutaji na uvunaji wa rasilimali madini, mafuta na gesi asilia hapa nchini. Ripoti za TEITI zinapatikana: https://www.teiti.go.tz.
123.	Mheshimiwa Spika, TEITI pia ilifanya warsha katika Mikoa ya kimadini ya Mwanza, Lindi, Mirerani, Songwe na Mtwara kwa lengo la kuwajengea uwezo Waheshimiwa Madiwani, Watunza Hazina wa Halmashauri, wasimamizi wa habari, wachimbaji wadogo wa madini na Asasi za Kiraia kuhusu matumizi ya takwimu zilizopo katika ripoti za TEITI.
(e)	Kituo cha Jemolojia Tanzania (TGC)
124.	Mheshimiwa Spika, TGC inatoa mafunzo ya uongezaji thamani madini ikiwa ni pamoja na utambuzi, uchongaji wa vinyago vya miamba na madini, ukataji na ung'arishaji wa madini ya vito na utengenezaji wa bidhaa za usonara. Kituo kimetekeleza majukumu yafuatayo katika kipindi cha Julai, 2022 hadi Machi, 2023 kama ifuatavyo: -
(i)	Utoaji wa Mafunzo na Udahili wa Wanafunzi
125.	Mheshimiwa Spika, Kituo kimedahili jumla ya wanafunzi 88 wa National Technical Awards (NTA) Level 4, 5 na 6 katika fani ya Teknolojia ya
